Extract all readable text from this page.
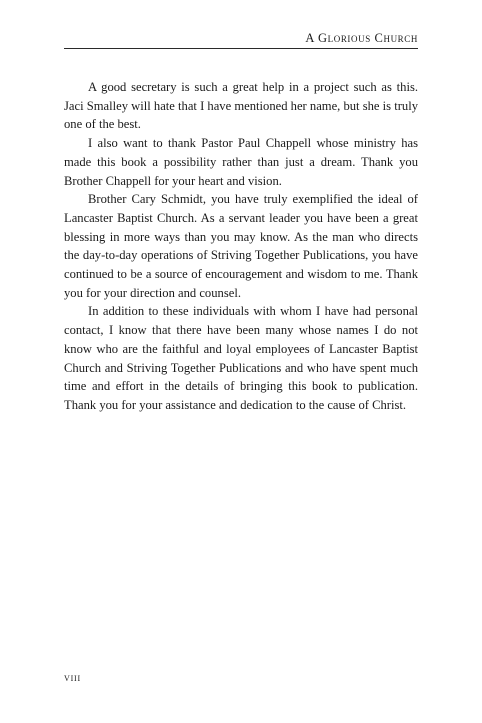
A Glorious Church

A good secretary is such a great help in a project such as this. Jaci Smalley will hate that I have mentioned her name, but she is truly one of the best.

I also want to thank Pastor Paul Chappell whose ministry has made this book a possibility rather than just a dream. Thank you Brother Chappell for your heart and vision.

Brother Cary Schmidt, you have truly exemplified the ideal of Lancaster Baptist Church. As a servant leader you have been a great blessing in more ways than you may know. As the man who directs the day-to-day operations of Striving Together Publications, you have continued to be a source of encouragement and wisdom to me. Thank you for your direction and counsel.

In addition to these individuals with whom I have had personal contact, I know that there have been many whose names I do not know who are the faithful and loyal employees of Lancaster Baptist Church and Striving Together Publications and who have spent much time and effort in the details of bringing this book to publication. Thank you for your assistance and dedication to the cause of Christ.

viii
